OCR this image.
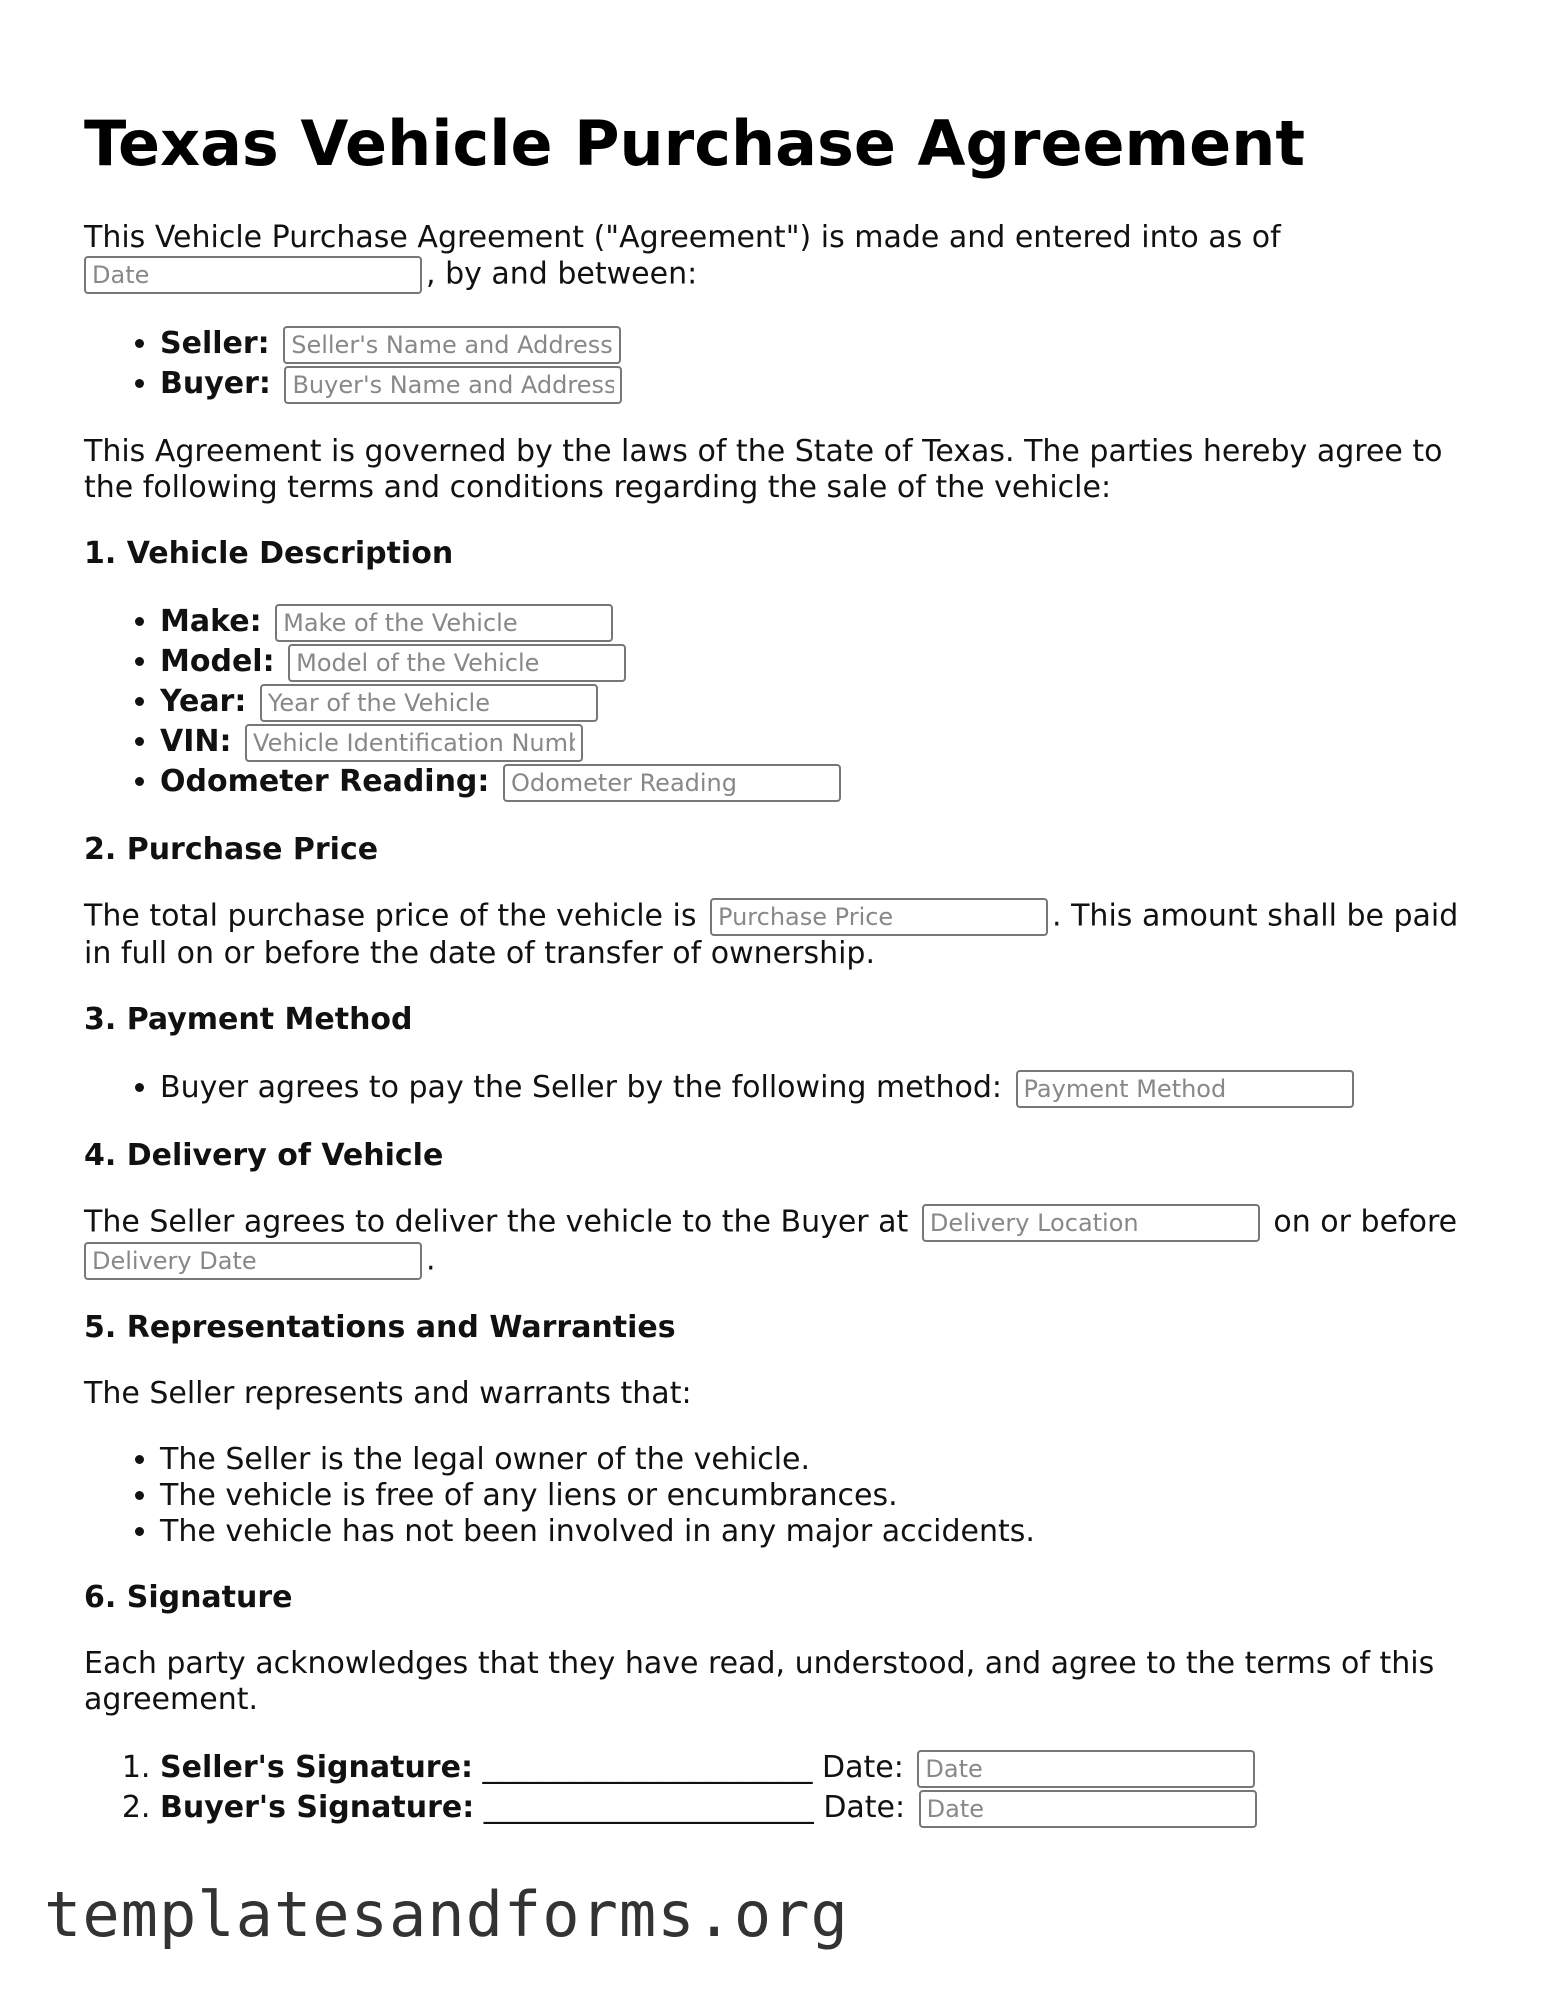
Texas Vehicle Purchase Agreement

This Vehicle Purchase Agreement ("Agreement") is made and entered into as of
Date, by and between:

• Seller: Seller's Name and Address
• Buyer: Buyer's Name and Address

This Agreement is governed by the laws of the State of Texas. The parties hereby agree to the following terms and conditions regarding the sale of the vehicle:

1. Vehicle Description
• Make: Make of the Vehicle
• Model: Model of the Vehicle
• Year: Year of the Vehicle
• VIN: Vehicle Identification Number
• Odometer Reading: Odometer Reading
2. Purchase Price

The total purchase price of the vehicle is Purchase Price	. This amount shall be paid in full on or before the date of transfer of ownership.

3. Payment Method
• Buyer agrees to pay the Seller by the following method: Payment Method
4. Delivery of Vehicle

The Seller agrees to deliver the vehicle to the Buyer at Delivery Location	on or before
Delivery Date.

5. Representations and Warranties

The Seller represents and warrants that:

• The Seller is the legal owner of the vehicle.
• The vehicle is free of any liens or encumbrances.
• The vehicle has not been involved in any major accidents.
6. Signature

Each party acknowledges that they have read, understood, and agree to the terms of this agreement.

1. Seller's Signature: ______________________ Date: Date
2. Buyer's Signature: ______________________ Date: Date
templatesandforms.org
